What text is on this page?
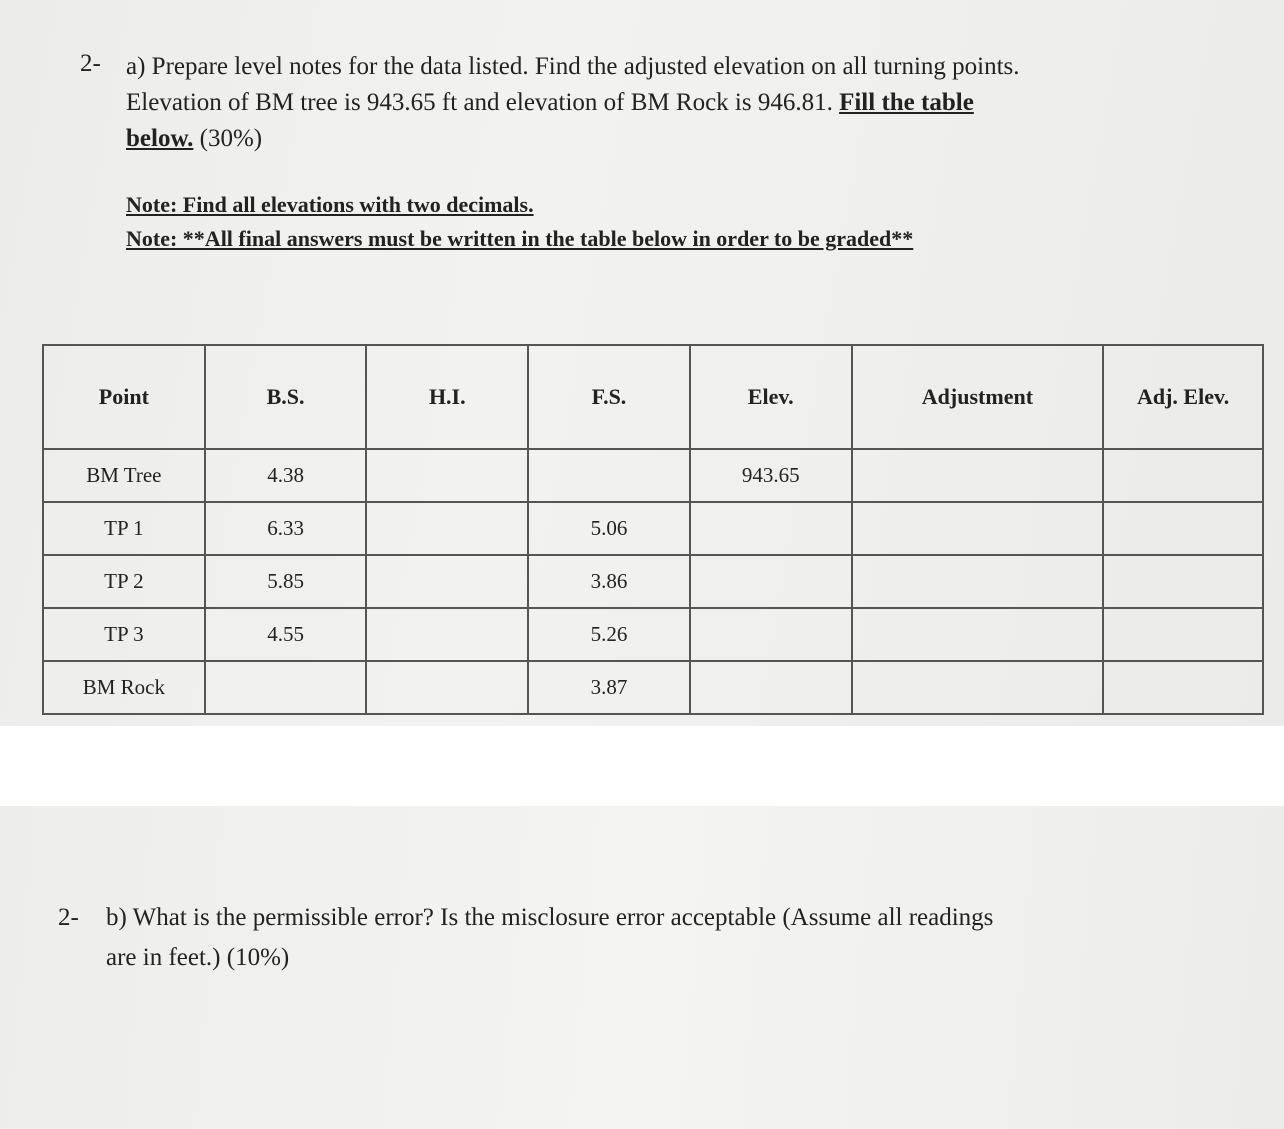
2- a) Prepare level notes for the data listed. Find the adjusted elevation on all turning points.
Elevation of BM tree is 943.65 ft and elevation of BM Rock is 946.81. Fill the table
below. (30%)
Note: Find all elevations with two decimals.
Note: **All final answers must be written in the table below in order to be graded**
Point	B.S.	H.I.	F.S.	Elev.	Adjustment	Adj. Elev.
BM Tree	4.38			943.65		
TP 1	6.33		5.06			
TP 2	5.85		3.86			
TP 3	4.55		5.26			
BM Rock			3.87			
2- b) What is the permissible error? Is the misclosure error acceptable (Assume all readings
are in feet.) (10%)
